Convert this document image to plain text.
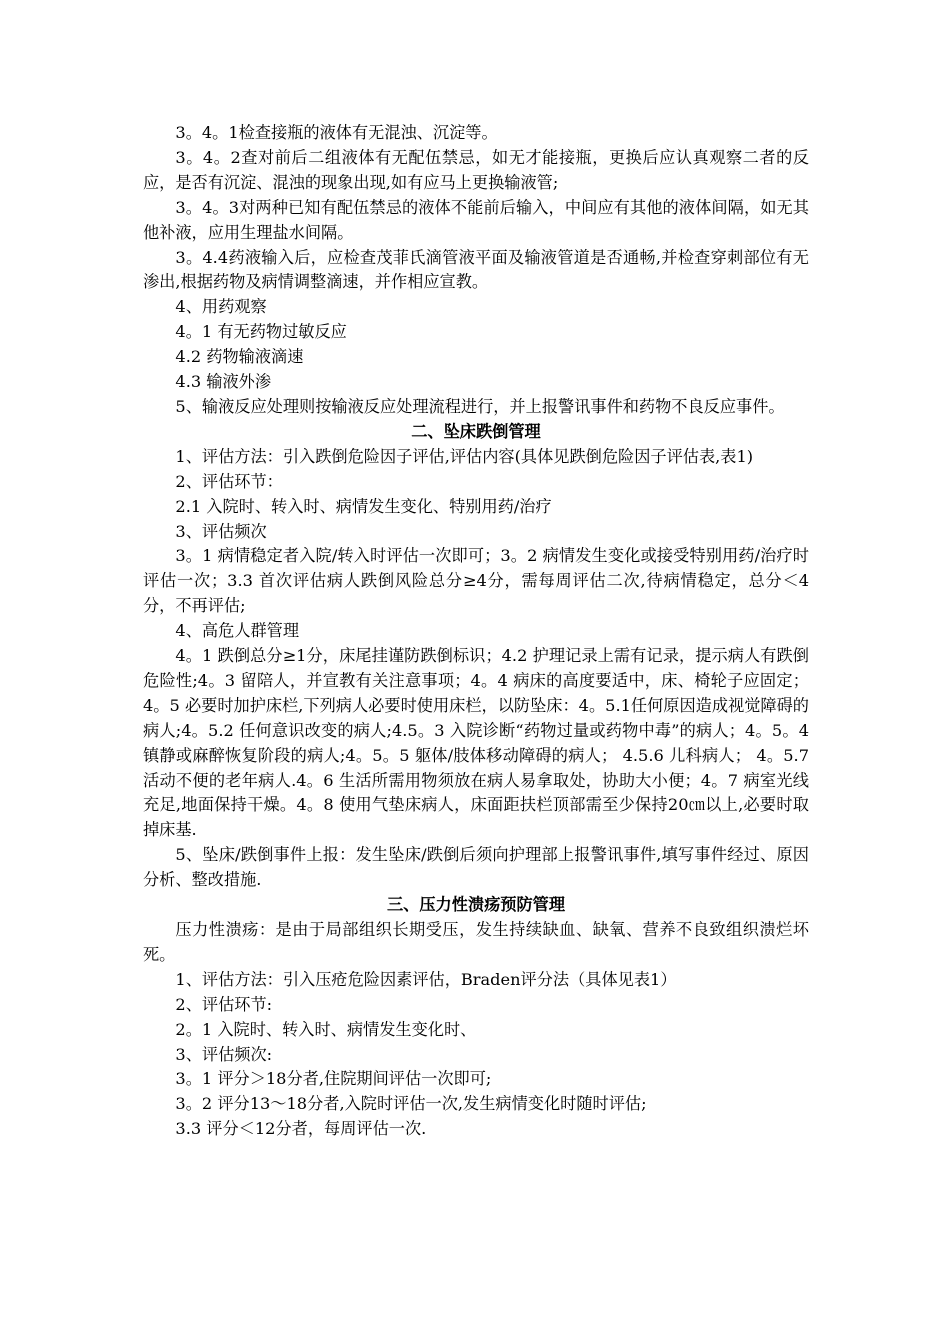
3。4。1检查接瓶的液体有无混浊、沉淀等。

3。4。2查对前后二组液体有无配伍禁忌，如无才能接瓶，更换后应认真观察二者的反应，是否有沉淀、混浊的现象出现,如有应马上更换输液管;

3。4。3对两种已知有配伍禁忌的液体不能前后输入，中间应有其他的液体间隔，如无其他补液，应用生理盐水间隔。

3。4.4药液输入后，应检查茂菲氏滴管液平面及输液管道是否通畅,并检查穿刺部位有无渗出,根据药物及病情调整滴速，并作相应宣教。

4、用药观察

4。1 有无药物过敏反应

4.2 药物输液滴速

4.3 输液外渗

5、输液反应处理则按输液反应处理流程进行，并上报警讯事件和药物不良反应事件。

二、坠床跌倒管理

1、评估方法：引入跌倒危险因子评估,评估内容(具体见跌倒危险因子评估表,表1)

2、评估环节：

2.1 入院时、转入时、病情发生变化、特别用药/治疗

3、评估频次

3。1 病情稳定者入院/转入时评估一次即可；3。2 病情发生变化或接受特别用药/治疗时评估一次；3.3 首次评估病人跌倒风险总分≥4分，需每周评估二次,待病情稳定，总分＜4分，不再评估;

4、高危人群管理

4。1 跌倒总分≥1分，床尾挂谨防跌倒标识；4.2 护理记录上需有记录，提示病人有跌倒危险性;4。3 留陪人，并宣教有关注意事项；4。4 病床的高度要适中，床、椅轮子应固定；4。5 必要时加护床栏,下列病人必要时使用床栏，以防坠床：4。5.1任何原因造成视觉障碍的病人;4。5.2 任何意识改变的病人;4.5。3 入院诊断“药物过量或药物中毒”的病人；4。5。4 镇静或麻醉恢复阶段的病人;4。5。5 躯体/肢体移动障碍的病人； 4.5.6 儿科病人； 4。5.7 活动不便的老年病人.4。6 生活所需用物须放在病人易拿取处，协助大小便；4。7 病室光线充足,地面保持干燥。4。8 使用气垫床病人，床面距扶栏顶部需至少保持20㎝以上,必要时取掉床基.

5、坠床/跌倒事件上报：发生坠床/跌倒后须向护理部上报警讯事件,填写事件经过、原因分析、整改措施.

三、压力性溃疡预防管理

压力性溃疡：是由于局部组织长期受压，发生持续缺血、缺氧、营养不良致组织溃烂坏死。

1、评估方法：引入压疮危险因素评估，Braden评分法（具体见表1）

2、评估环节:

2。1 入院时、转入时、病情发生变化时、

3、评估频次:

3。1 评分＞18分者,住院期间评估一次即可;

3。2 评分13～18分者,入院时评估一次,发生病情变化时随时评估;

3.3 评分＜12分者，每周评估一次.
